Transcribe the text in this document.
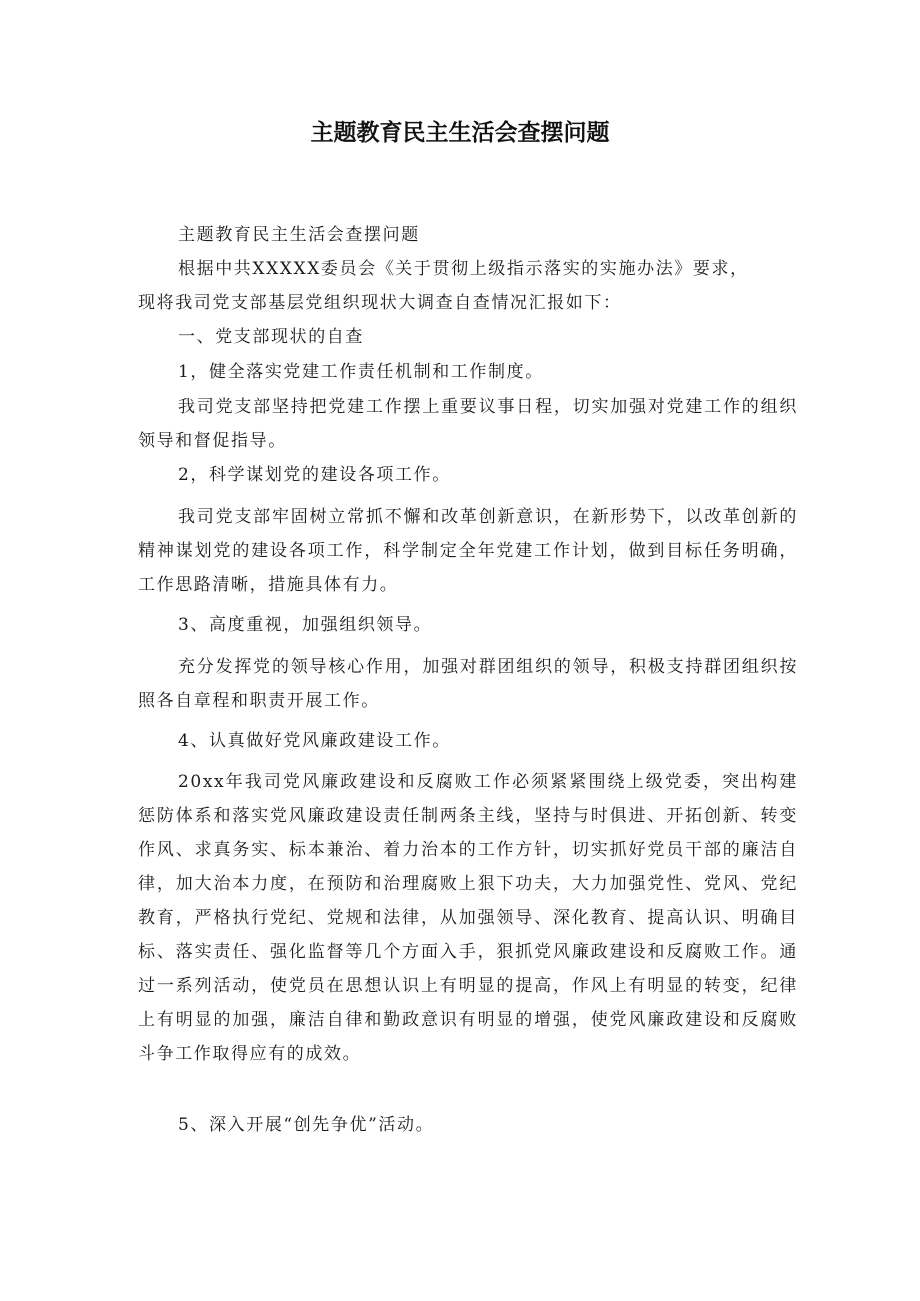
主题教育民主生活会查摆问题

主题教育民主生活会查摆问题

根据中共XXXXX委员会《关于贯彻上级指示落实的实施办法》要求，

现将我司党支部基层党组织现状大调查自查情况汇报如下：

一、党支部现状的自查

1，健全落实党建工作责任机制和工作制度。

我司党支部坚持把党建工作摆上重要议事日程，切实加强对党建工作的组织领导和督促指导。

2，科学谋划党的建设各项工作。

我司党支部牢固树立常抓不懈和改革创新意识，在新形势下，以改革创新的精神谋划党的建设各项工作，科学制定全年党建工作计划，做到目标任务明确，工作思路清晰，措施具体有力。

3、高度重视，加强组织领导。

充分发挥党的领导核心作用，加强对群团组织的领导，积极支持群团组织按照各自章程和职责开展工作。

4、认真做好党风廉政建设工作。

20xx年我司党风廉政建设和反腐败工作必须紧紧围绕上级党委，突出构建惩防体系和落实党风廉政建设责任制两条主线，坚持与时俱进、开拓创新、转变作风、求真务实、标本兼治、着力治本的工作方针，切实抓好党员干部的廉洁自律，加大治本力度，在预防和治理腐败上狠下功夫，大力加强党性、党风、党纪教育，严格执行党纪、党规和法律，从加强领导、深化教育、提高认识、明确目标、落实责任、强化监督等几个方面入手，狠抓党风廉政建设和反腐败工作。通过一系列活动，使党员在思想认识上有明显的提高，作风上有明显的转变，纪律上有明显的加强，廉洁自律和勤政意识有明显的增强，使党风廉政建设和反腐败斗争工作取得应有的成效。

5、深入开展“创先争优”活动。
